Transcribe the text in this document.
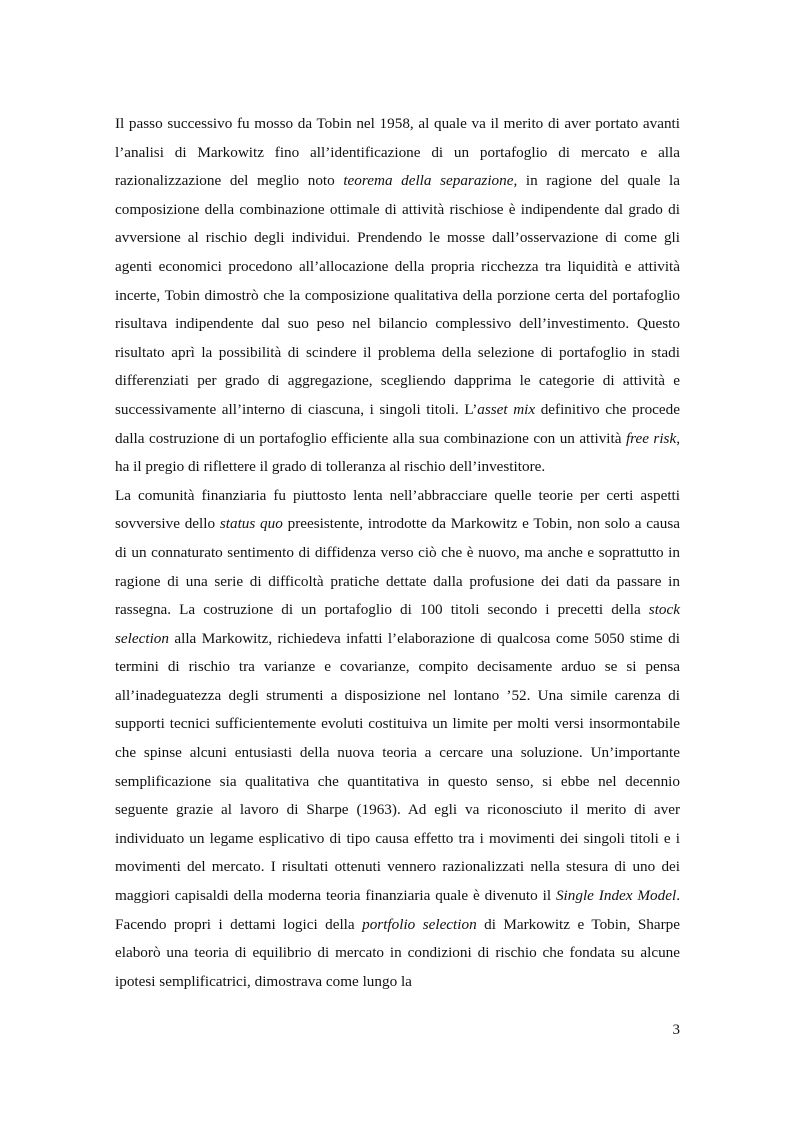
Il passo successivo fu mosso da Tobin nel 1958, al quale va il merito di aver portato avanti l’analisi di Markowitz fino all’identificazione di un portafoglio di mercato e alla razionalizzazione del meglio noto teorema della separazione, in ragione del quale la composizione della combinazione ottimale di attività rischiose è indipendente dal grado di avversione al rischio degli individui. Prendendo le mosse dall’osservazione di come gli agenti economici procedono all’allocazione della propria ricchezza tra liquidità e attività incerte, Tobin dimostrò che la composizione qualitativa della porzione certa del portafoglio risultava indipendente dal suo peso nel bilancio complessivo dell’investimento. Questo risultato aprì la possibilità di scindere il problema della selezione di portafoglio in stadi differenziati per grado di aggregazione, scegliendo dapprima le categorie di attività e successivamente all’interno di ciascuna, i singoli titoli. L’asset mix definitivo che procede dalla costruzione di un portafoglio efficiente alla sua combinazione con un attività free risk, ha il pregio di riflettere il grado di tolleranza al rischio dell’investitore.

La comunità finanziaria fu piuttosto lenta nell’abbracciare quelle teorie per certi aspetti sovversive dello status quo preesistente, introdotte da Markowitz e Tobin, non solo a causa di un connaturato sentimento di diffidenza verso ciò che è nuovo, ma anche e soprattutto in ragione di una serie di difficoltà pratiche dettate dalla profusione dei dati da passare in rassegna. La costruzione di un portafoglio di 100 titoli secondo i precetti della stock selection alla Markowitz, richiedeva infatti l’elaborazione di qualcosa come 5050 stime di termini di rischio tra varianze e covarianze, compito decisamente arduo se si pensa all’inadeguatezza degli strumenti a disposizione nel lontano ’52. Una simile carenza di supporti tecnici sufficientemente evoluti costituiva un limite per molti versi insormontabile che spinse alcuni entusiasti della nuova teoria a cercare una soluzione. Un’importante semplificazione sia qualitativa che quantitativa in questo senso, si ebbe nel decennio seguente grazie al lavoro di Sharpe (1963). Ad egli va riconosciuto il merito di aver individuato un legame esplicativo di tipo causa effetto tra i movimenti dei singoli titoli e i movimenti del mercato. I risultati ottenuti vennero razionalizzati nella stesura di uno dei maggiori capisaldi della moderna teoria finanziaria quale è divenuto il Single Index Model. Facendo propri i dettami logici della portfolio selection di Markowitz e Tobin, Sharpe elaborò una teoria di equilibrio di mercato in condizioni di rischio che fondata su alcune ipotesi semplificatrici, dimostrava come lungo la

3
